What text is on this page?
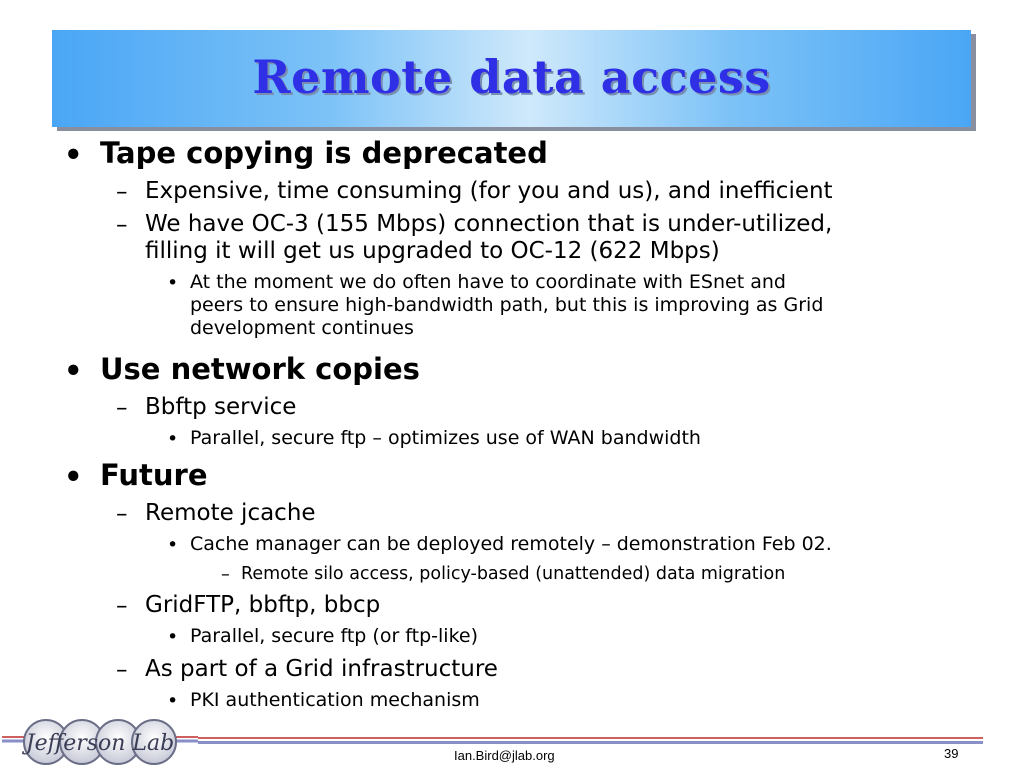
Remote data access
• Tape copying is deprecated
– Expensive, time consuming (for you and us), and inefficient
– We have OC-3 (155 Mbps) connection that is under-utilized,
filling it will get us upgraded to OC-12 (622 Mbps)
• At the moment we do often have to coordinate with ESnet and
peers to ensure high-bandwidth path, but this is improving as Grid
development continues
• Use network copies
– Bbftp service
• Parallel, secure ftp – optimizes use of WAN bandwidth
• Future
– Remote jcache
• Cache manager can be deployed remotely – demonstration Feb 02.
– Remote silo access, policy-based (unattended) data migration
– GridFTP, bbftp, bbcp
• Parallel, secure ftp (or ftp-like)
– As part of a Grid infrastructure
• PKI authentication mechanism
Jefferson Lab	Ian.Bird@jlab.org	39
